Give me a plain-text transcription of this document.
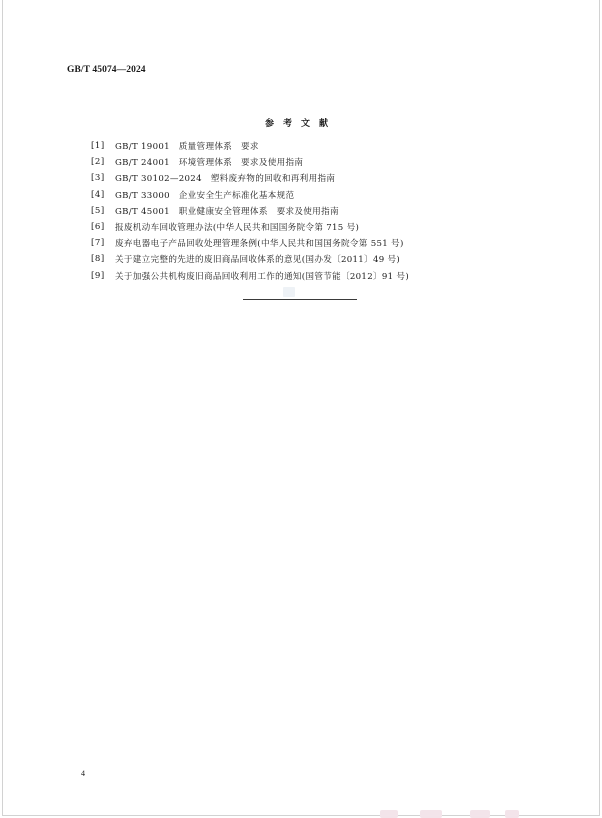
GB/T 45074—2024
参考文献
[1]	GB/T 19001　质量管理体系　要求
[2]	GB/T 24001　环境管理体系　要求及使用指南
[3]	GB/T 30102—2024　塑料废弃物的回收和再利用指南
[4]	GB/T 33000　企业安全生产标准化基本规范
[5]	GB/T 45001　职业健康安全管理体系　要求及使用指南
[6]	报废机动车回收管理办法(中华人民共和国国务院令第 715 号)
[7]	废弃电器电子产品回收处理管理条例(中华人民共和国国务院令第 551 号)
[8]	关于建立完整的先进的废旧商品回收体系的意见(国办发〔2011〕49 号)
[9]	关于加强公共机构废旧商品回收利用工作的通知(国管节能〔2012〕91 号)
4
